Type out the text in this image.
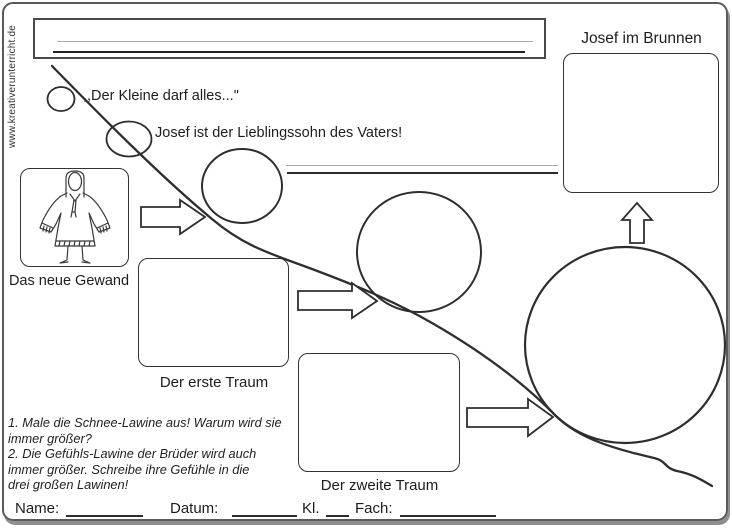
www.kreativerunterricht.de	Josef im Brunnen
,,Der Kleine darf alles..."
Josef ist der Lieblingssohn des Vaters!
Das neue Gewand
Der erste Traum
Der zweite Traum
1. Male die Schnee-Lawine aus! Warum wird sie
immer größer?
2. Die Gefühls-Lawine der Brüder wird auch
immer größer. Schreibe ihre Gefühle in die
drei großen Lawinen!
Name:	Datum:	Kl. Fach:
